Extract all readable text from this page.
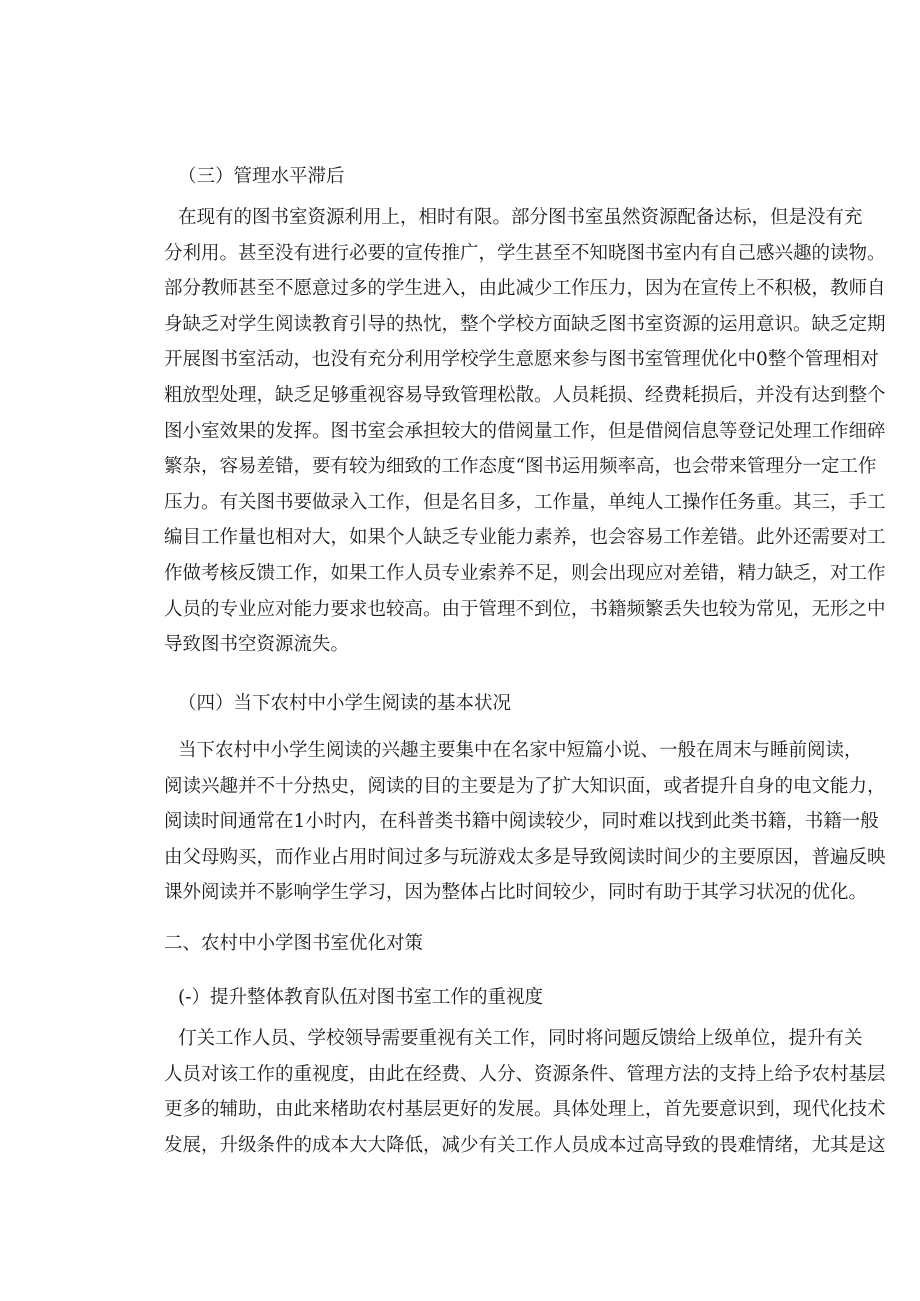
（三）管理水平滞后
在现有的图书室资源利用上，相时有限。部分图书室虽然资源配备达标，但是没有充
分利用。甚至没有进行必要的宣传推广，学生甚至不知晓图书室内有自己感兴趣的读物。
部分教师甚至不愿意过多的学生进入，由此减少工作压力，因为在宣传上不积极，教师自
身缺乏对学生阅读教育引导的热忱，整个学校方面缺乏图书室资源的运用意识。缺乏定期
开展图书室活动，也没有充分利用学校学生意愿来参与图书室管理优化中0整个管理相对
粗放型处理，缺乏足够重视容易导致管理松散。人员耗损、经费耗损后，并没有达到整个
图小室效果的发挥。图书室会承担较大的借阅量工作，但是借阅信息等登记处理工作细碎
繁杂，容易差错，要有较为细致的工作态度“图书运用频率高，也会带来管理分一定工作
压力。有关图书要做录入工作，但是名目多，工作量，单纯人工操作任务重。其三，手工
编目工作量也相对大，如果个人缺乏专业能力素养，也会容易工作差错。此外还需要对工
作做考核反馈工作，如果工作人员专业索养不足，则会出现应对差错，精力缺乏，对工作
人员的专业应对能力要求也较高。由于管理不到位，书籍频繁丢失也较为常见，无形之中
导致图书空资源流失。
（四）当下农村中小学生阅读的基本状况
当下农村中小学生阅读的兴趣主要集中在名家中短篇小说、一般在周末与睡前阅读，
阅读兴趣并不十分热史，阅读的目的主要是为了扩大知识面，或者提升自身的电文能力，
阅读时间通常在1小时内，在科普类书籍中阅读较少，同时难以找到此类书籍，书籍一般
由父母购买，而作业占用时间过多与玩游戏太多是导致阅读时间少的主要原因，普遍反映
课外阅读并不影响学生学习，因为整体占比时间较少，同时有助于其学习状况的优化。
二、农村中小学图书室优化对策
(-）提升整体教育队伍对图书室工作的重视度
仃关工作人员、学校领导需要重视有关工作，同时将问题反馈给上级单位，提升有关
人员对该工作的重视度，由此在经费、人分、资源条件、管理方法的支持上给予农村基层
更多的辅助，由此来楮助农村基层更好的发展。具体处理上，首先要意识到，现代化技术
发展，升级条件的成本大大降低，减少有关工作人员成本过高导致的畏难情绪，尤其是这
